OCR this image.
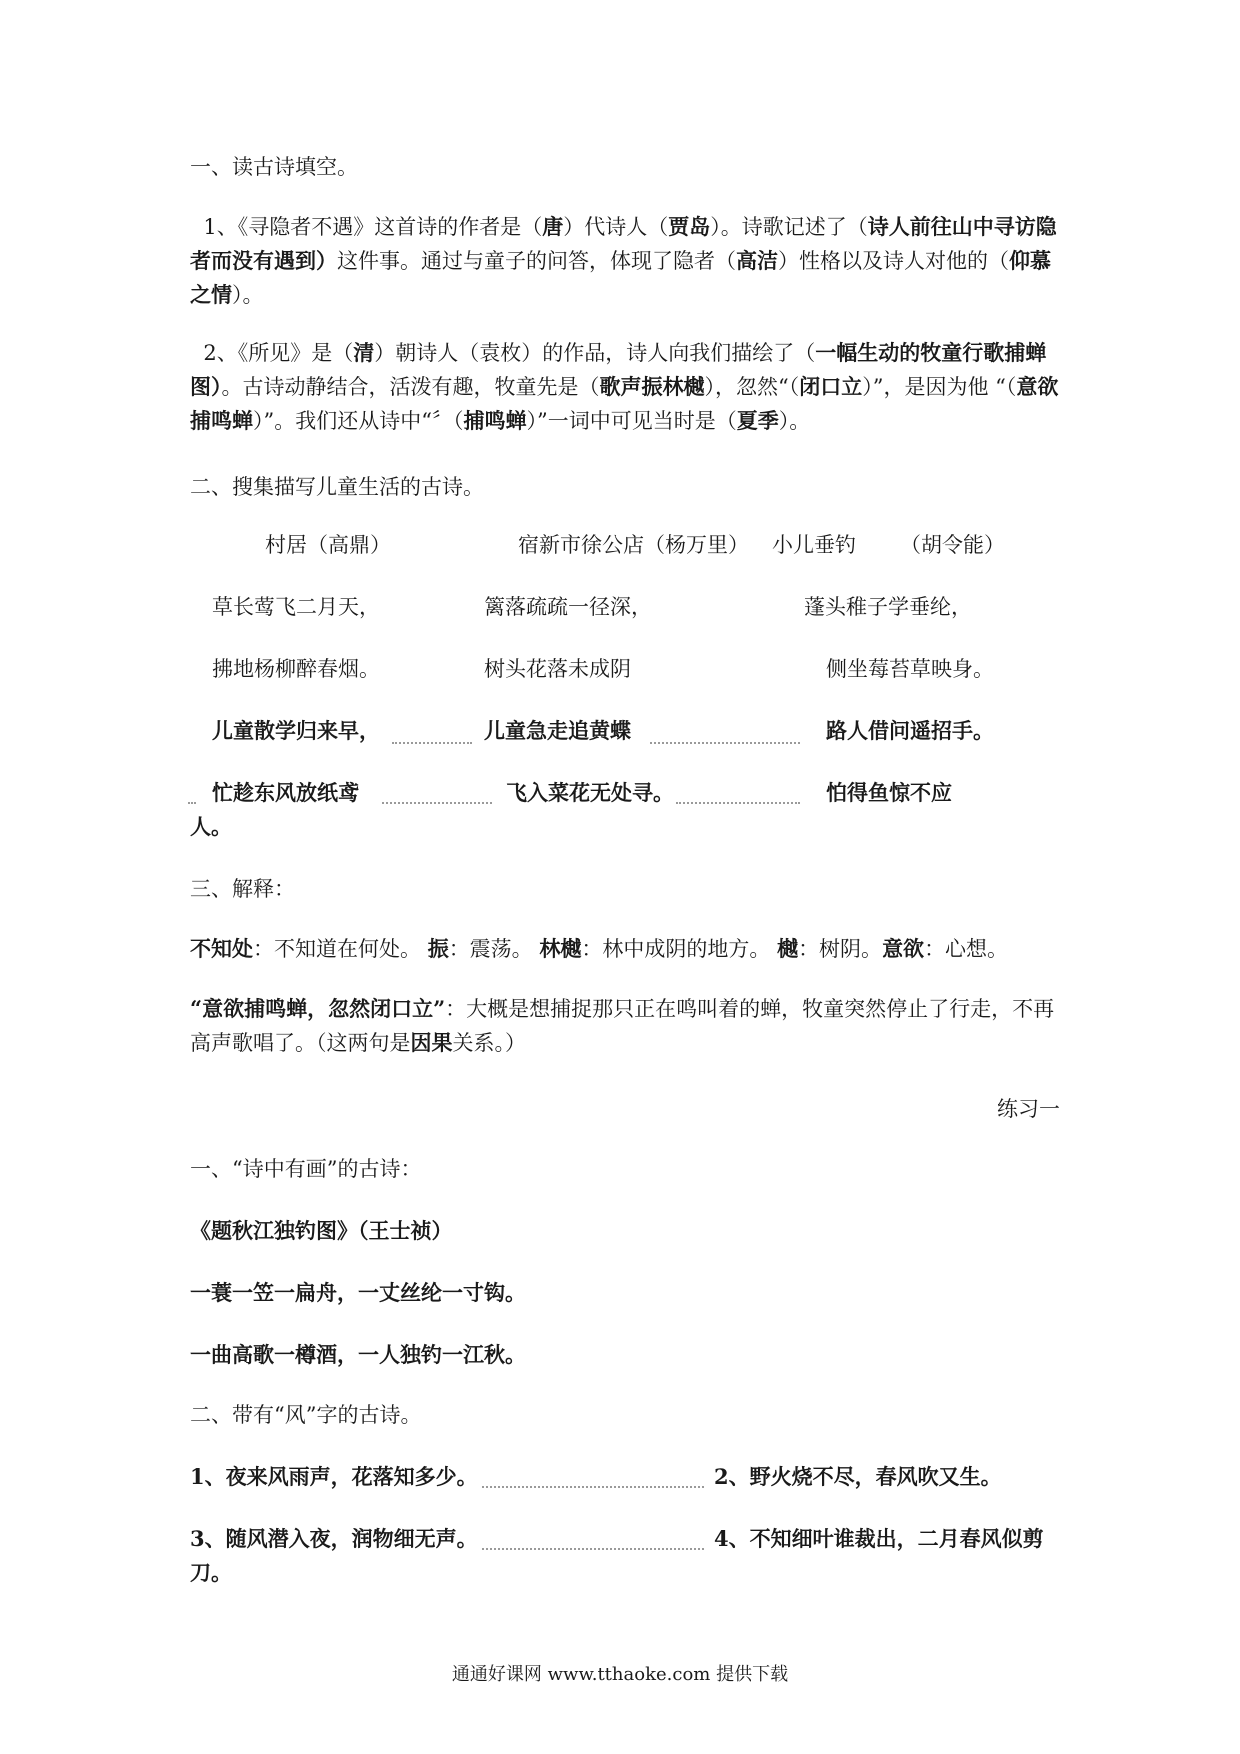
一、读古诗填空。
1、《寻隐者不遇》这首诗的作者是（唐）代诗人（贾岛）。诗歌记述了（诗人前往山中寻访隐者而没有遇到）这件事。通过与童子的问答，体现了隐者（高洁）性格以及诗人对他的（仰慕之情）。
2、《所见》是（清）朝诗人（袁枚）的作品，诗人向我们描绘了（一幅生动的牧童行歌捕蝉图）。古诗动静结合，活泼有趣，牧童先是（歌声振林樾），忽然“（闭口立）”，是因为他 “（意欲捕鸣蝉）”。我们还从诗中“〞（捕鸣蝉）”一词中可见当时是（夏季）。
二、搜集描写儿童生活的古诗。
村居（高鼎）	宿新市徐公店（杨万里） 小儿垂钓 （胡令能）
草长莺飞二月天，	篱落疏疏一径深，	蓬头稚子学垂纶，
拂地杨柳醉春烟。	树头花落未成阴	侧坐莓苔草映身。
儿童散学归来早，	儿童急走追黄蝶	路人借问遥招手。
忙趁东风放纸鸢	飞入菜花无处寻。	怕得鱼惊不应
人。
三、解释：
不知处：不知道在何处。 振：震荡。 林樾：林中成阴的地方。 樾：树阴。意欲：心想。
“意欲捕鸣蝉，忽然闭口立”：大概是想捕捉那只正在鸣叫着的蝉，牧童突然停止了行走，不再高声歌唱了。（这两句是因果关系。）
练习一
一、“诗中有画”的古诗：
《题秋江独钓图》（王士祯）
一蓑一笠一扁舟，一丈丝纶一寸钩。
一曲高歌一樽酒，一人独钓一江秋。
二、带有“风”字的古诗。
1、夜来风雨声，花落知多少。	2、野火烧不尽，春风吹又生。
3、随风潜入夜，润物细无声。	4、不知细叶谁裁出，二月春风似剪
刀。
通通好课网 www.tthaoke.com 提供下载
